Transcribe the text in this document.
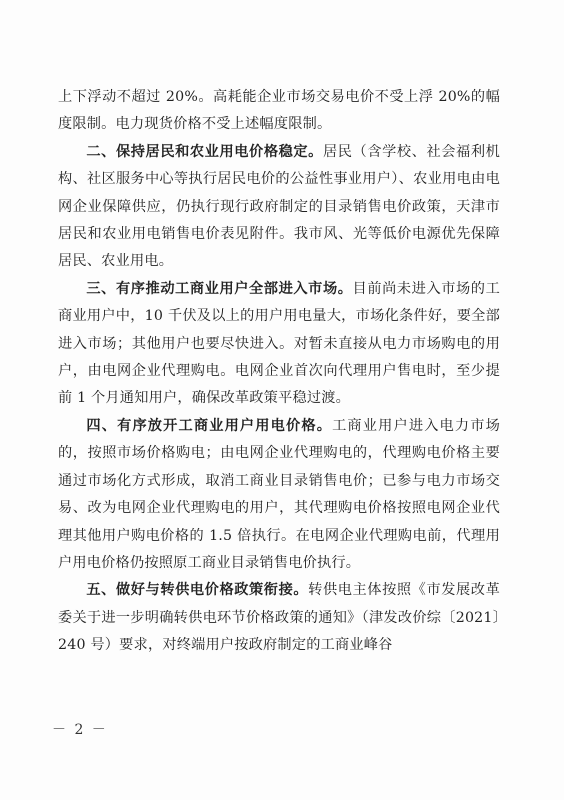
上下浮动不超过 20%。高耗能企业市场交易电价不受上浮 20%的幅度限制。电力现货价格不受上述幅度限制。

二、保持居民和农业用电价格稳定。居民（含学校、社会福利机构、社区服务中心等执行居民电价的公益性事业用户）、农业用电由电网企业保障供应，仍执行现行政府制定的目录销售电价政策，天津市居民和农业用电销售电价表见附件。我市风、光等低价电源优先保障居民、农业用电。

三、有序推动工商业用户全部进入市场。目前尚未进入市场的工商业用户中，10 千伏及以上的用户用电量大，市场化条件好，要全部进入市场；其他用户也要尽快进入。对暂未直接从电力市场购电的用户，由电网企业代理购电。电网企业首次向代理用户售电时，至少提前 1 个月通知用户，确保改革政策平稳过渡。

四、有序放开工商业用户用电价格。工商业用户进入电力市场的，按照市场价格购电；由电网企业代理购电的，代理购电价格主要通过市场化方式形成，取消工商业目录销售电价；已参与电力市场交易、改为电网企业代理购电的用户，其代理购电价格按照电网企业代理其他用户购电价格的 1.5 倍执行。在电网企业代理购电前，代理用户用电价格仍按照原工商业目录销售电价执行。

五、做好与转供电价格政策衔接。转供电主体按照《市发展改革委关于进一步明确转供电环节价格政策的通知》（津发改价综〔2021〕240 号）要求，对终端用户按政府制定的工商业峰谷

－ 2 －
